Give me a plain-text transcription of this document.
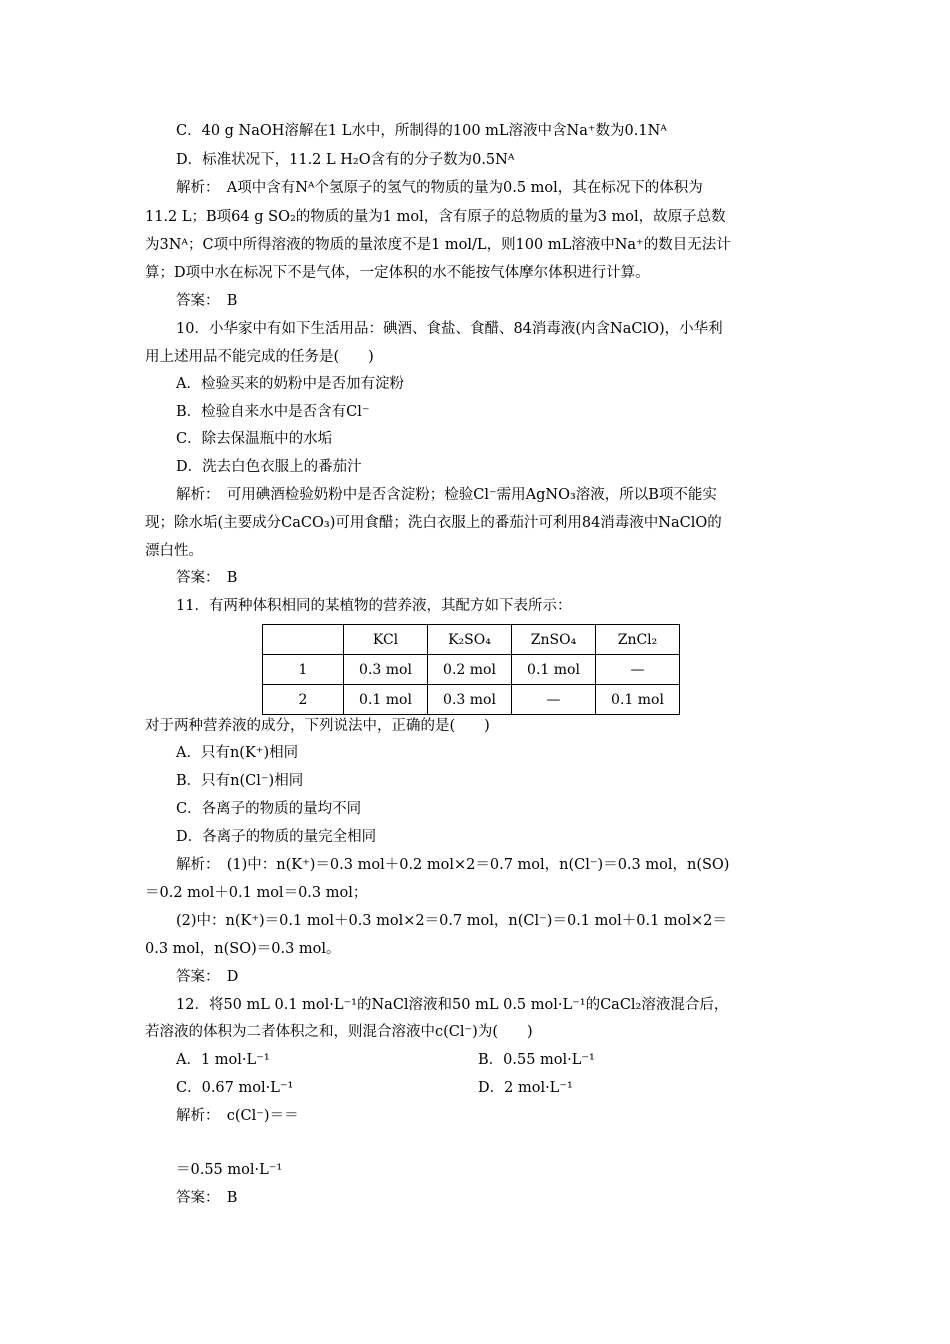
C．40 g NaOH溶解在1 L水中，所制得的100 mL溶液中含Na⁺数为0.1Nᴬ
D．标准状况下，11.2 L H₂O含有的分子数为0.5Nᴬ
解析：　A项中含有Nᴬ个氢原子的氢气的物质的量为0.5 mol，其在标况下的体积为
11.2 L；B项64 g SO₂的物质的量为1 mol，含有原子的总物质的量为3 mol，故原子总数
为3Nᴬ；C项中所得溶液的物质的量浓度不是1 mol/L，则100 mL溶液中Na⁺的数目无法计
算；D项中水在标况下不是气体，一定体积的水不能按气体摩尔体积进行计算。
答案：　B
10．小华家中有如下生活用品：碘酒、食盐、食醋、84消毒液(内含NaClO)，小华利
用上述用品不能完成的任务是(　　)
A．检验买来的奶粉中是否加有淀粉
B．检验自来水中是否含有Cl⁻
C．除去保温瓶中的水垢
D．洗去白色衣服上的番茄汁
解析：　可用碘酒检验奶粉中是否含淀粉；检验Cl⁻需用AgNO₃溶液，所以B项不能实
现；除水垢(主要成分CaCO₃)可用食醋；洗白衣服上的番茄汁可利用84消毒液中NaClO的
漂白性。
答案：　B
11．有两种体积相同的某植物的营养液，其配方如下表所示：
	KCl	K₂SO₄	ZnSO₄	ZnCl₂
1	0.3 mol	0.2 mol	0.1 mol	—
2	0.1 mol	0.3 mol	—	0.1 mol
对于两种营养液的成分，下列说法中，正确的是(　　)
A．只有n(K⁺)相同
B．只有n(Cl⁻)相同
C．各离子的物质的量均不同
D．各离子的物质的量完全相同
解析：　(1)中：n(K⁺)＝0.3 mol＋0.2 mol×2＝0.7 mol，n(Cl⁻)＝0.3 mol，n(SO)
＝0.2 mol＋0.1 mol＝0.3 mol；
(2)中：n(K⁺)＝0.1 mol＋0.3 mol×2＝0.7 mol，n(Cl⁻)＝0.1 mol＋0.1 mol×2＝
0.3 mol，n(SO)＝0.3 mol。
答案：　D
12．将50 mL 0.1 mol·L⁻¹的NaCl溶液和50 mL 0.5 mol·L⁻¹的CaCl₂溶液混合后，
若溶液的体积为二者体积之和，则混合溶液中c(Cl⁻)为(　　)
A．1 mol·L⁻¹	B．0.55 mol·L⁻¹
C．0.67 mol·L⁻¹	D．2 mol·L⁻¹
解析：　c(Cl⁻)＝＝
＝0.55 mol·L⁻¹
答案：　B
